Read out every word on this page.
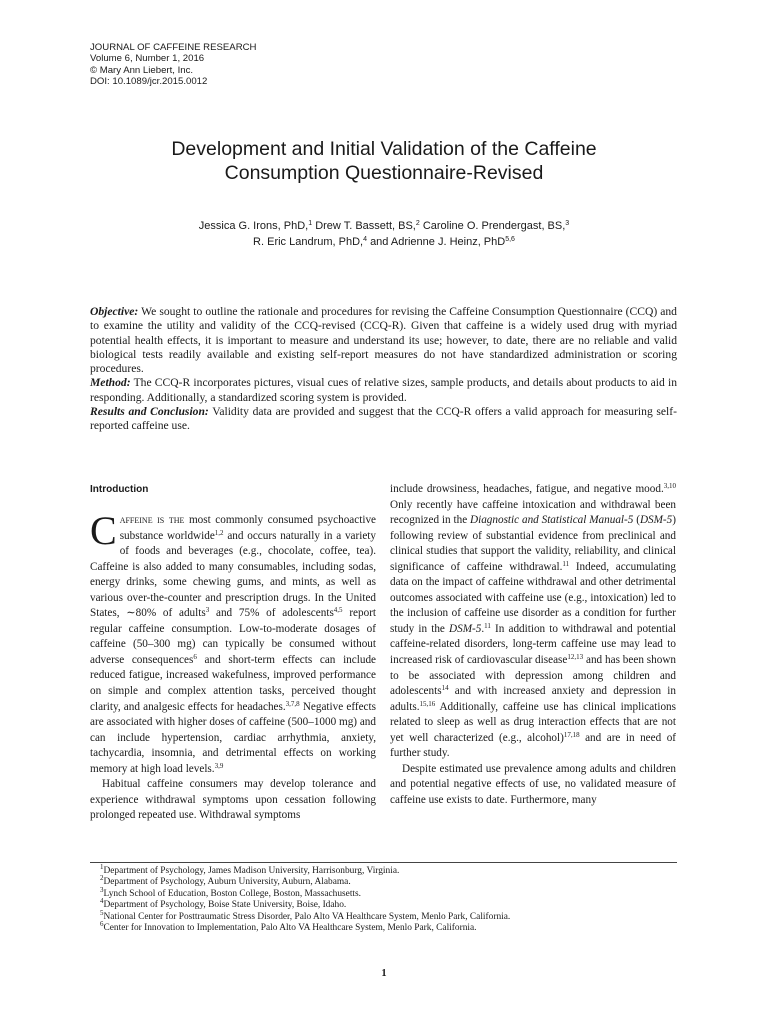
JOURNAL OF CAFFEINE RESEARCH
Volume 6, Number 1, 2016
© Mary Ann Liebert, Inc.
DOI: 10.1089/jcr.2015.0012
Development and Initial Validation of the Caffeine
Consumption Questionnaire-Revised
Jessica G. Irons, PhD,$^1$ Drew T. Bassett, BS,$^2$ Caroline O. Prendergast, BS,$^3$
R. Eric Landrum, PhD,$^4$ and Adrienne J. Heinz, PhD$^{5,6}$

Objective: We sought to outline the rationale and procedures for revising the Caffeine Consumption Questionnaire (CCQ) and to examine the utility and validity of the CCQ-revised (CCQ-R). Given that caffeine is a widely used drug with myriad potential health effects, it is important to measure and understand its use; however, to date, there are no reliable and valid biological tests readily available and existing self-report measures do not have standardized administration or scoring procedures.

Method: The CCQ-R incorporates pictures, visual cues of relative sizes, sample products, and details about products to aid in responding. Additionally, a standardized scoring system is provided.

Results and Conclusion: Validity data are provided and suggest that the CCQ-R offers a valid approach for measuring self-reported caffeine use.

Introduction

Caffeine is the most commonly consumed psychoactive substance worldwide$^{1,2}$ and occurs naturally in a variety of foods and beverages (e.g., chocolate, coffee, tea). Caffeine is also added to many consumables, including sodas, energy drinks, some chewing gums, and mints, as well as various over-the-counter and prescription drugs. In the United States, ∼80% of adults$^3$ and 75% of adolescents$^{4,5}$ report regular caffeine consumption. Low-to-moderate dosages of caffeine (50–300 mg) can typically be consumed without adverse consequences$^6$ and short-term effects can include reduced fatigue, increased wakefulness, improved performance on simple and complex attention tasks, perceived thought clarity, and analgesic effects for headaches.$^{3,7,8}$ Negative effects are associated with higher doses of caffeine (500–1000 mg) and can include hypertension, cardiac arrhythmia, anxiety, tachycardia, insomnia, and detrimental effects on working memory at high load levels.$^{3,9}$

Habitual caffeine consumers may develop tolerance and experience withdrawal symptoms upon cessation following prolonged repeated use. Withdrawal symptoms

include drowsiness, headaches, fatigue, and negative mood.$^{3,10}$ Only recently have caffeine intoxication and withdrawal been recognized in the Diagnostic and Statistical Manual-5 (DSM-5) following review of substantial evidence from preclinical and clinical studies that support the validity, reliability, and clinical significance of caffeine withdrawal.$^{11}$ Indeed, accumulating data on the impact of caffeine withdrawal and other detrimental outcomes associated with caffeine use (e.g., intoxication) led to the inclusion of caffeine use disorder as a condition for further study in the DSM-5.11 In addition to withdrawal and potential caffeine-related disorders, long-term caffeine use may lead to increased risk of cardiovascular disease$^{12,13}$ and has been shown to be associated with depression among children and adolescents$^{14}$ and with increased anxiety and depression in adults.$^{15,16}$ Additionally, caffeine use has clinical implications related to sleep as well as drug interaction effects that are not yet well characterized (e.g., alcohol)$^{17,18}$ and are in need of further study.

Despite estimated use prevalence among adults and children and potential negative effects of use, no validated measure of caffeine use exists to date. Furthermore, many

$^1$Department of Psychology, James Madison University, Harrisonburg, Virginia.
$^2$Department of Psychology, Auburn University, Auburn, Alabama.
$^3$Lynch School of Education, Boston College, Boston, Massachusetts.
$^4$Department of Psychology, Boise State University, Boise, Idaho.
$^5$National Center for Posttraumatic Stress Disorder, Palo Alto VA Healthcare System, Menlo Park, California.
$^6$Center for Innovation to Implementation, Palo Alto VA Healthcare System, Menlo Park, California.
1
